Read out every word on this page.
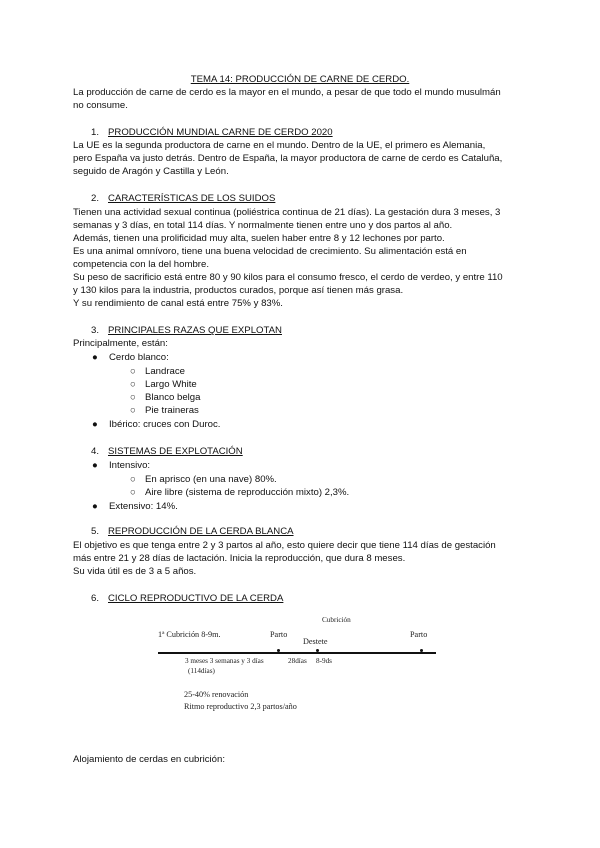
TEMA 14: PRODUCCIÓN DE CARNE DE CERDO.
La producción de carne de cerdo es la mayor en el mundo, a pesar de que todo el mundo musulmán
no consume.
1. PRODUCCIÓN MUNDIAL CARNE DE CERDO 2020
La UE es la segunda productora de carne en el mundo. Dentro de la UE, el primero es Alemania,
pero España va justo detrás. Dentro de España, la mayor productora de carne de cerdo es Cataluña,
seguido de Aragón y Castilla y León.
2. CARACTERÍSTICAS DE LOS SUIDOS
Tienen una actividad sexual continua (poliéstrica continua de 21 días). La gestación dura 3 meses, 3
semanas y 3 días, en total 114 días. Y normalmente tienen entre uno y dos partos al año.
Además, tienen una prolificidad muy alta, suelen haber entre 8 y 12 lechones por parto.
Es una animal omnívoro, tiene una buena velocidad de crecimiento. Su alimentación está en
competencia con la del hombre.
Su peso de sacrificio está entre 80 y 90 kilos para el consumo fresco, el cerdo de verdeo, y entre 110
y 130 kilos para la industria, productos curados, porque así tienen más grasa.
Y su rendimiento de canal está entre 75% y 83%.
3. PRINCIPALES RAZAS QUE EXPLOTAN
Principalmente, están:
● Cerdo blanco:
○ Landrace
○ Largo White
○ Blanco belga
○ Pie traineras
● Ibérico: cruces con Duroc.
4. SISTEMAS DE EXPLOTACIÓN
● Intensivo:
○ En aprisco (en una nave) 80%.
○ Aire libre (sistema de reproducción mixto) 2,3%.
● Extensivo: 14%.
5. REPRODUCCIÓN DE LA CERDA BLANCA
El objetivo es que tenga entre 2 y 3 partos al año, esto quiere decir que tiene 114 días de gestación
más entre 21 y 28 días de lactación. Inicia la reproducción, que dura 8 meses.
Su vida útil es de 3 a 5 años.
6. CICLO REPRODUCTIVO DE LA CERDA
Cubrición
1ª Cubrición 8-9m.	Parto
Destete
Parto
3 meses 3 semanas y 3 días
(114días)
28días 8-9ds
25-40% renovación
Ritmo reproductivo 2,3 partos/año
Alojamiento de cerdas en cubrición:
